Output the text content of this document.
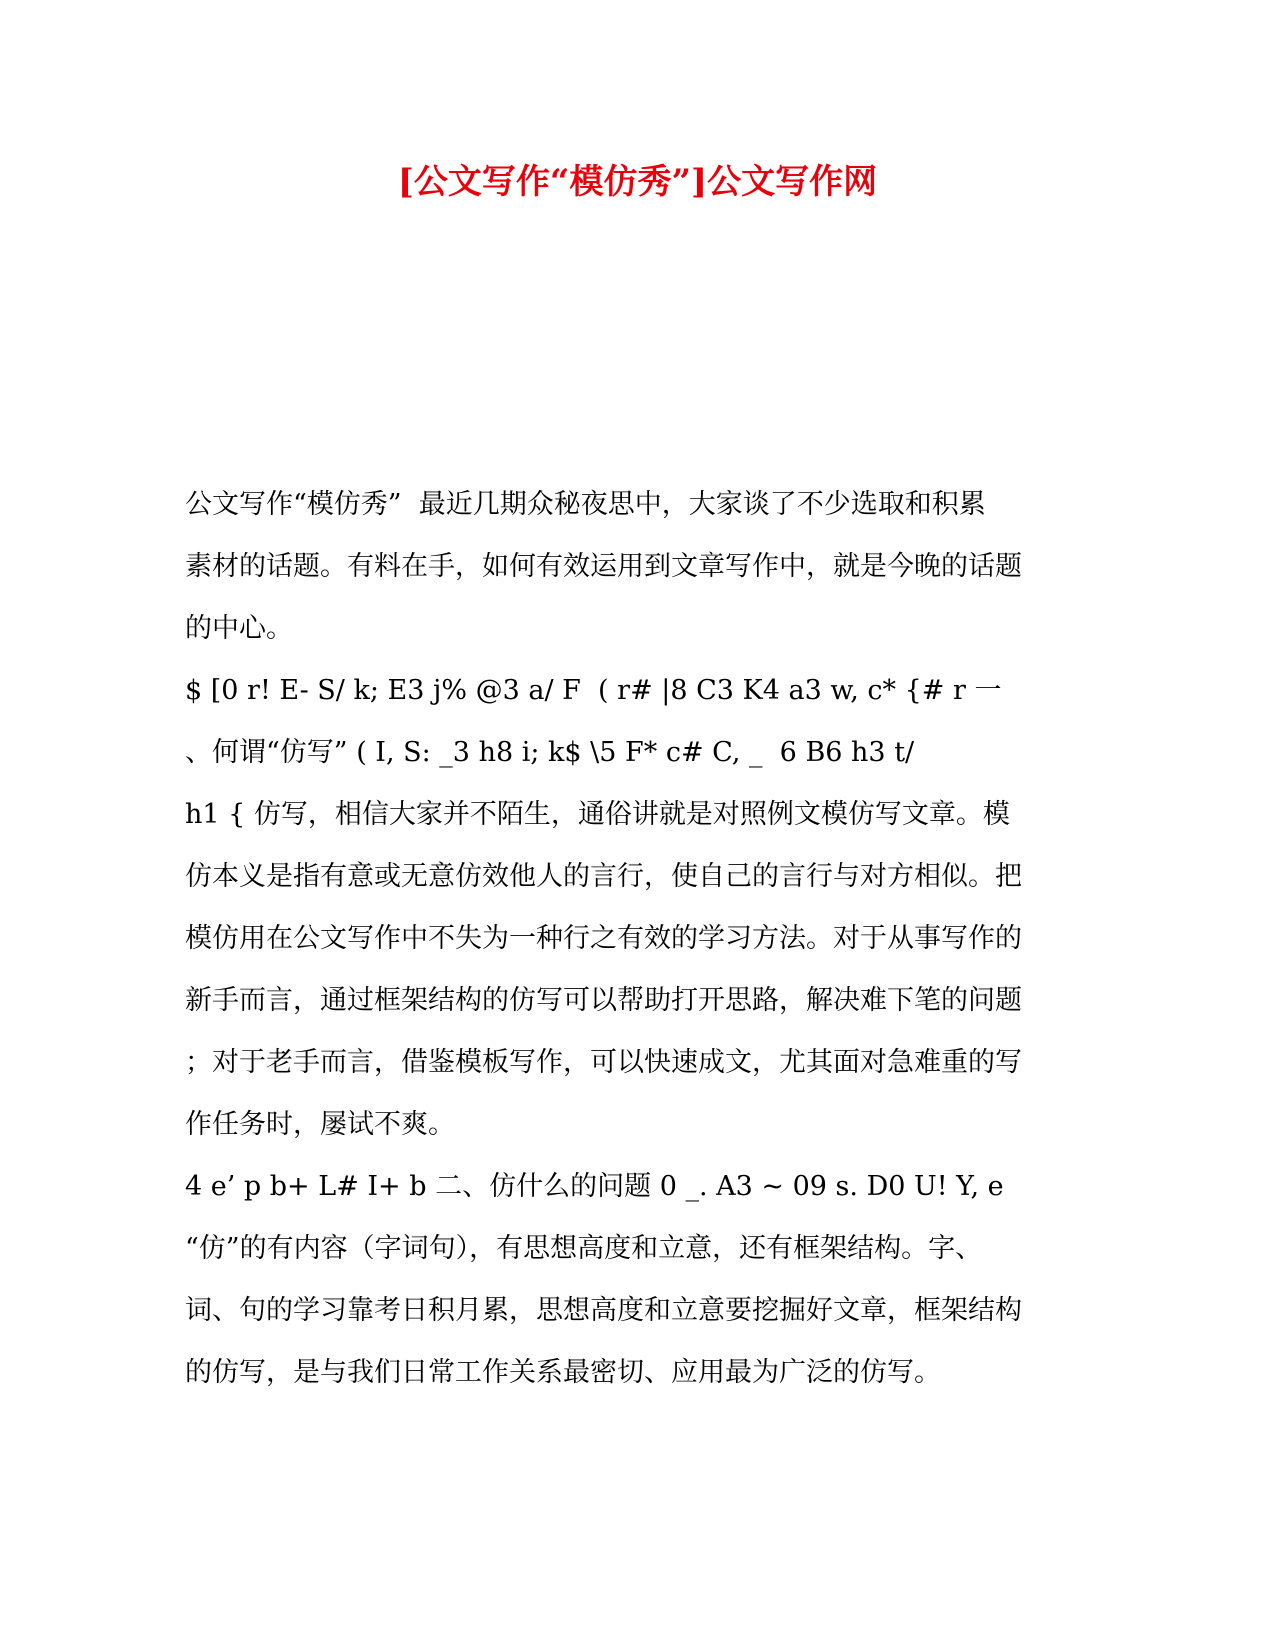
[公文写作“模仿秀”]公文写作网
公文写作“模仿秀”  最近几期众秘夜思中，大家谈了不少选取和积累
素材的话题。有料在手，如何有效运用到文章写作中，就是今晚的话题
的中心。
$ [0 r! E- S/ k; E3 j% @3 a/ F  ( r# |8 C3 K4 a3 w, c* {# r 一
、何谓“仿写” ( I, S: _3 h8 i; k$ \5 F* c# C, _  6 B6 h3 t/
h1 { 仿写，相信大家并不陌生，通俗讲就是对照例文模仿写文章。模
仿本义是指有意或无意仿效他人的言行，使自己的言行与对方相似。把
模仿用在公文写作中不失为一种行之有效的学习方法。对于从事写作的
新手而言，通过框架结构的仿写可以帮助打开思路，解决难下笔的问题
；对于老手而言，借鉴模板写作，可以快速成文，尤其面对急难重的写
作任务时，屡试不爽。
4 e’ p b+ L# I+ b 二、仿什么的问题 0 _. A3 ~ 09 s. D0 U! Y, e
“仿”的有内容（字词句），有思想高度和立意，还有框架结构。字、
词、句的学习靠考日积月累，思想高度和立意要挖掘好文章，框架结构
的仿写，是与我们日常工作关系最密切、应用最为广泛的仿写。
